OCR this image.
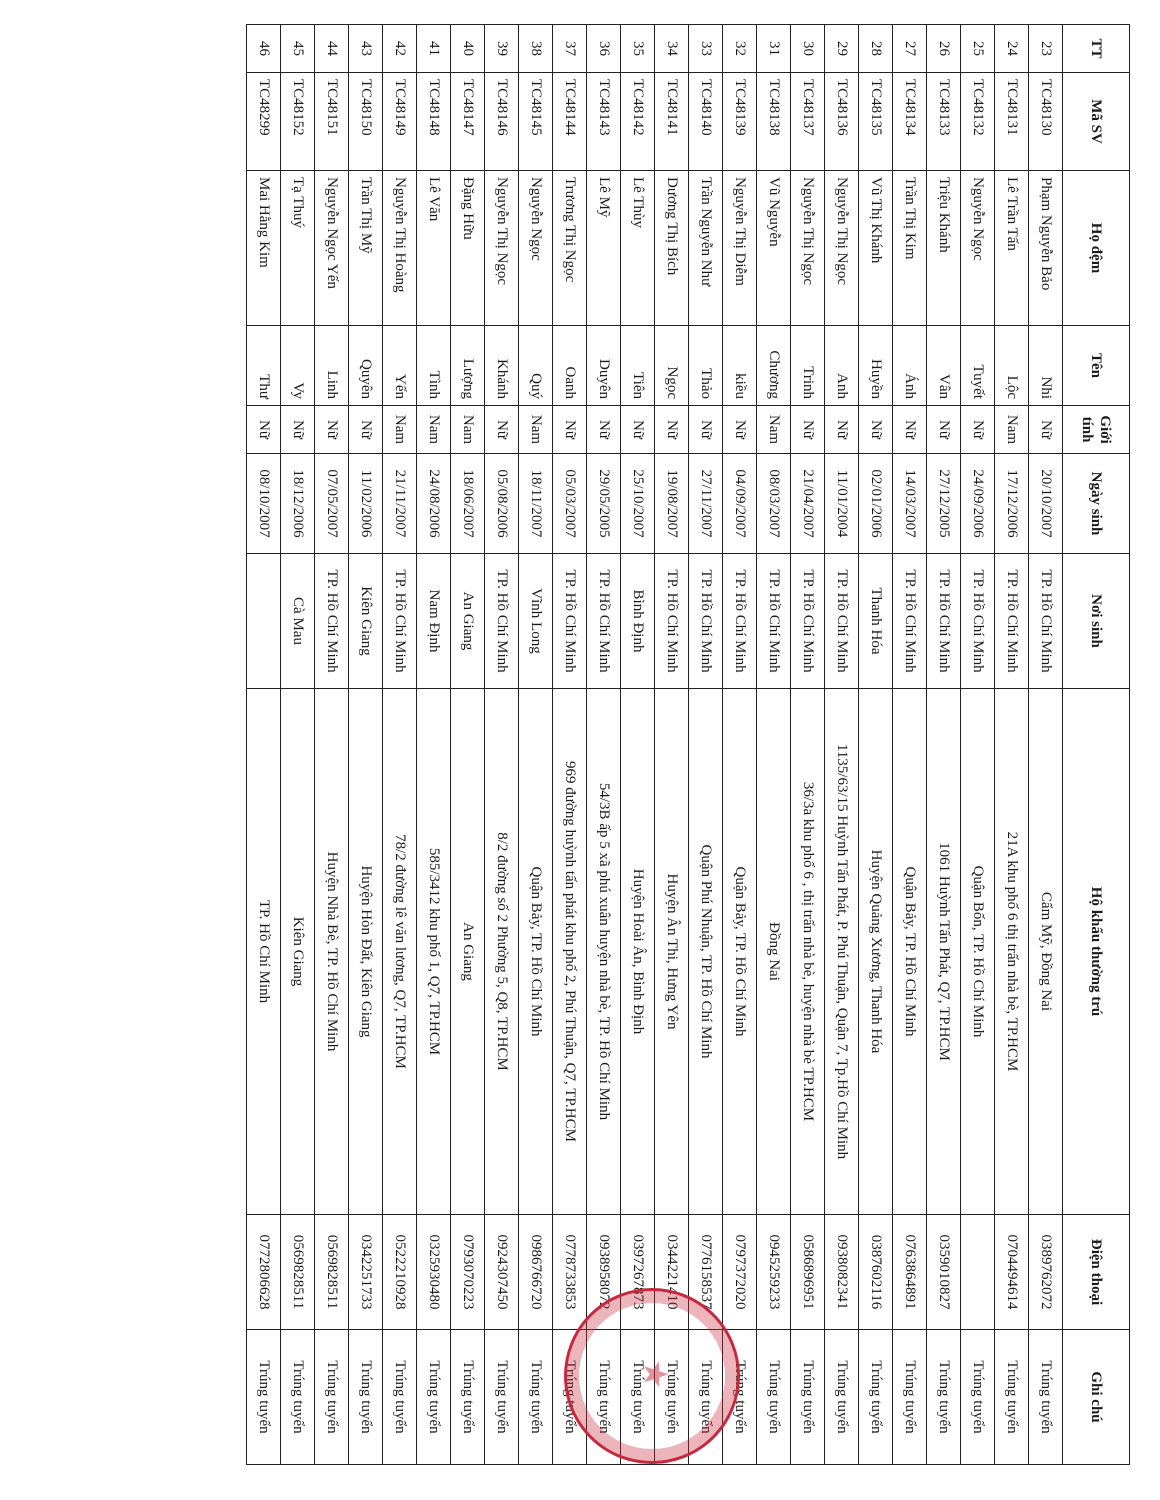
TT	Mã SV	Họ đệm	Tên	Giới tính	Ngày sinh	Nơi sinh	Hộ khẩu thường trú	Điện thoại	Ghi chú
23	TC48130	Phạm Nguyễn Bảo	Nhi	Nữ	20/10/2007	TP. Hồ Chí Minh	Cẩm Mỹ, Đồng Nai	0389762072	Trúng tuyển
24	TC48131	Lê Trần Tấn	Lộc	Nam	17/12/2006	TP. Hồ Chí Minh	21A khu phố 6 thị trấn nhà bè, TP.HCM	0704494614	Trúng tuyển
25	TC48132	Nguyễn Ngọc	Tuyết	Nữ	24/09/2006	TP. Hồ Chí Minh	Quận Bốn, TP. Hồ Chí Minh		Trúng tuyển
26	TC48133	Triệu Khánh	Vân	Nữ	27/12/2005	TP. Hồ Chí Minh	1061 Huỳnh Tấn Phát, Q7, TP.HCM	0359010827	Trúng tuyển
27	TC48134	Trần Thị Kim	Ánh	Nữ	14/03/2007	TP. Hồ Chí Minh	Quận Bảy, TP. Hồ Chí Minh	0763864891	Trúng tuyển
28	TC48135	Vũ Thị Khánh	Huyền	Nữ	02/01/2006	Thanh Hóa	Huyện Quảng Xương, Thanh Hóa	0387602116	Trúng tuyển
29	TC48136	Nguyễn Thị Ngọc	Anh	Nữ	11/01/2004	TP. Hồ Chí Minh	1135/63/15 Huỳnh Tấn Phát, P. Phú Thuận, Quận 7, Tp.Hồ Chí Minh	0938082341	Trúng tuyển
30	TC48137	Nguyễn Thị Ngọc	Trinh	Nữ	21/04/2007	TP. Hồ Chí Minh	36/3a khu phố 6 , thị trấn nhà bè, huyện nhà bè TP.HCM	0586896951	Trúng tuyển
31	TC48138	Vũ Nguyễn	Chương	Nam	08/03/2007	TP. Hồ Chí Minh	Đồng Nai	0945259233	Trúng tuyển
32	TC48139	Nguyễn Thị Diễm	kiều	Nữ	04/09/2007	TP. Hồ Chí Minh	Quận Bảy, TP. Hồ Chí Minh	0797372020	Trúng tuyển
33	TC48140	Trần Nguyễn Như	Thảo	Nữ	27/11/2007	TP. Hồ Chí Minh	Quận Phú Nhuận, TP. Hồ Chí Minh	0776158537	Trúng tuyển
34	TC48141	Dương Thị Bích	Ngọc	Nữ	19/08/2007	TP. Hồ Chí Minh	Huyện Ân Thi, Hưng Yên	0344221410	Trúng tuyển
35	TC48142	Lê Thùy	Tiên	Nữ	25/10/2007	Bình Định	Huyện Hoài Ân, Bình Định	0397267873	Trúng tuyển
36	TC48143	Lê Mỹ	Duyên	Nữ	29/05/2005	TP. Hồ Chí Minh	54/3B ấp 5 xã phú xuân huyện nhà bè, TP. Hồ Chí Minh	0938958072	Trúng tuyển
37	TC48144	Trương Thị Ngọc	Oanh	Nữ	05/03/2007	TP. Hồ Chí Minh	969 đường huỳnh tấn phát khu phố 2, Phú Thuận, Q7, TP.HCM	0778733853	Trúng tuyển
38	TC48145	Nguyễn Ngọc	Quý	Nam	18/11/2007	Vĩnh Long	Quận Bảy, TP. Hồ Chí Minh	0986766720	Trúng tuyển
39	TC48146	Nguyễn Thị Ngọc	Khánh	Nữ	05/08/2006	TP. Hồ Chí Minh	8/2 đường số 2 Phường 5, Q8, TP.HCM	0924307450	Trúng tuyển
40	TC48147	Đặng Hữu	Lượng	Nam	18/06/2007	An Giang	An Giang	0793070223	Trúng tuyển
41	TC48148	Lê Văn	Tình	Nam	24/08/2006	Nam Định	585/3412 khu phố 1, Q7, TP.HCM	0325930480	Trúng tuyển
42	TC48149	Nguyễn Thị Hoàng	Yến	Nam	21/11/2007	TP. Hồ Chí Minh	78/2 đường lê văn lương, Q7, TP.HCM	0522210928	Trúng tuyển
43	TC48150	Trần Thị Mỹ	Quyên	Nữ	11/02/2006	Kiên Giang	Huyện Hòn Đất, Kiên Giang	0342251733	Trúng tuyển
44	TC48151	Nguyễn Ngọc Yến	Linh	Nữ	07/05/2007	TP. Hồ Chí Minh	Huyện Nhà Bè, TP. Hồ Chí Minh	0569828511	Trúng tuyển
45	TC48152	Tạ Thuý	Vy	Nữ	18/12/2006	Cà Mau	Kiên Giang	0569828511	Trúng tuyển
46	TC48299	Mai Hằng Kim	Thư	Nữ	08/10/2007		TP. Hồ Chí Minh	0772806628	Trúng tuyển	★
